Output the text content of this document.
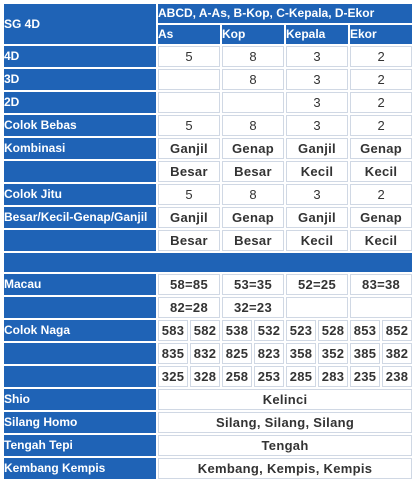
SG 4D	ABCD, A-As, B-Kop, C-Kepala, D-Ekor							
	As		Kop		Kepala		Ekor	
4D	5		8		3		2	
3D			8		3		2	
2D					3		2	
Colok Bebas	5		8		3		2	
Kombinasi	Ganjil		Genap		Ganjil		Genap	
	Besar		Besar		Kecil		Kecil	
Colok Jitu	5		8		3		2	
Besar/Kecil-Genap/Ganjil	Ganjil		Genap		Ganjil		Genap	
	Besar		Besar		Kecil		Kecil	

Macau	58=85		53=35		52=25		83=38	
	82=28		32=23					
Colok Naga	583	582	538	532	523	528	853	852
	835	832	825	823	358	352	385	382
	325	328	258	253	285	283	235	238
Shio	Kelinci							
Silang Homo	Silang, Silang, Silang							
Tengah Tepi	Tengah							
Kembang Kempis	Kembang, Kempis, Kempis							
